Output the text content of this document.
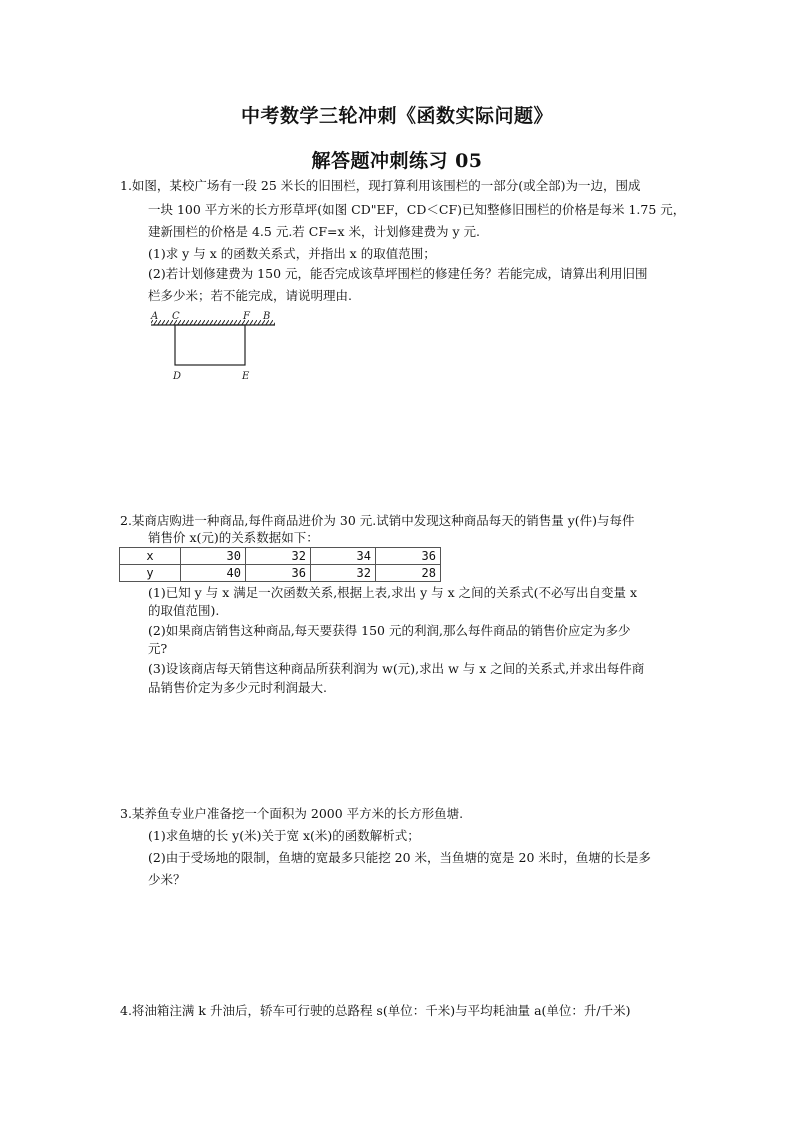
中考数学三轮冲刺《函数实际问题》
解答题冲刺练习 05
1.如图，某校广场有一段 25 米长的旧围栏，现打算利用该围栏的一部分(或全部)为一边，围成
一块 100 平方米的长方形草坪(如图 CD"EF，CD＜CF)已知整修旧围栏的价格是每米 1.75 元，
建新围栏的价格是 4.5 元.若 CF=x 米，计划修建费为 y 元.
(1)求 y 与 x 的函数关系式，并指出 x 的取值范围；
(2)若计划修建费为 150 元，能否完成该草坪围栏的修建任务？若能完成，请算出利用旧围
栏多少米；若不能完成，请说明理由.
A C	F B
D	E
2.某商店购进一种商品,每件商品进价为 30 元.试销中发现这种商品每天的销售量 y(件)与每件
销售价 x(元)的关系数据如下：
x	30	32	34	36
y	40	36	32	28
(1)已知 y 与 x 满足一次函数关系,根据上表,求出 y 与 x 之间的关系式(不必写出自变量 x
的取值范围).
(2)如果商店销售这种商品,每天要获得 150 元的利润,那么每件商品的销售价应定为多少
元?
(3)设该商店每天销售这种商品所获利润为 w(元),求出 w 与 x 之间的关系式,并求出每件商
品销售价定为多少元时利润最大.
3.某养鱼专业户准备挖一个面积为 2000 平方米的长方形鱼塘.
(1)求鱼塘的长 y(米)关于宽 x(米)的函数解析式；
(2)由于受场地的限制，鱼塘的宽最多只能挖 20 米，当鱼塘的宽是 20 米时，鱼塘的长是多
少米？
4.将油箱注满 k 升油后，轿车可行驶的总路程 s(单位：千米)与平均耗油量 a(单位：升/千米)
